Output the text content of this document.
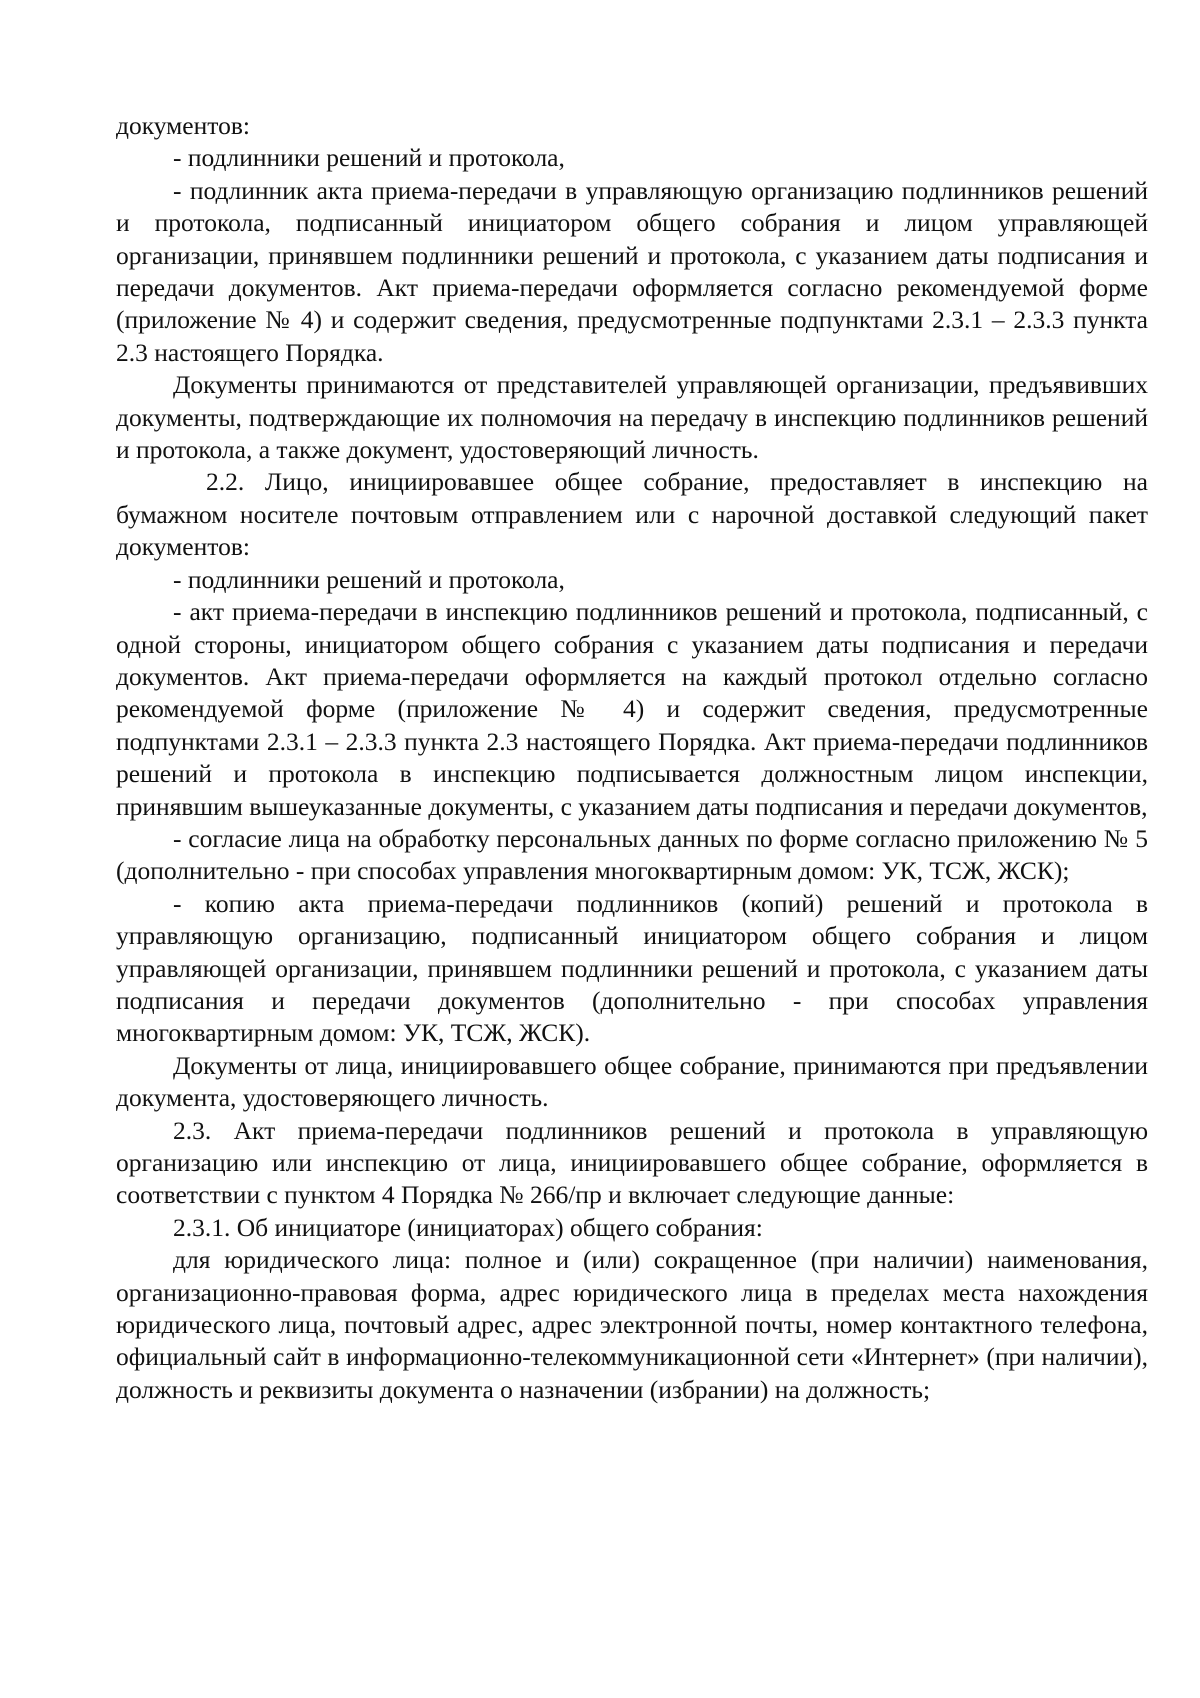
документов:

- подлинники решений и протокола,

- подлинник акта приема-передачи в управляющую организацию подлинников решений и протокола, подписанный инициатором общего собрания и лицом управляющей организации, принявшем подлинники решений и протокола, с указанием даты подписания и передачи документов. Акт приема-передачи оформляется согласно рекомендуемой форме (приложение № 4) и содержит сведения, предусмотренные подпунктами 2.3.1 – 2.3.3 пункта 2.3 настоящего Порядка.

Документы принимаются от представителей управляющей организации, предъявивших документы, подтверждающие их полномочия на передачу в инспекцию подлинников решений и протокола, а также документ, удостоверяющий личность.

2.2. Лицо, инициировавшее общее собрание, предоставляет в инспекцию на бумажном носителе почтовым отправлением или с нарочной доставкой следующий пакет документов:

- подлинники решений и протокола,

- акт приема-передачи в инспекцию подлинников решений и протокола, подписанный, с одной стороны, инициатором общего собрания с указанием даты подписания и передачи документов. Акт приема-передачи оформляется на каждый протокол отдельно согласно рекомендуемой форме (приложение № 4) и содержит сведения, предусмотренные подпунктами 2.3.1 – 2.3.3 пункта 2.3 настоящего Порядка. Акт приема-передачи подлинников решений и протокола в инспекцию подписывается должностным лицом инспекции, принявшим вышеуказанные документы, с указанием даты подписания и передачи документов,

- согласие лица на обработку персональных данных по форме согласно приложению № 5 (дополнительно - при способах управления многоквартирным домом: УК, ТСЖ, ЖСК);

- копию акта приема-передачи подлинников (копий) решений и протокола в управляющую организацию, подписанный инициатором общего собрания и лицом управляющей организации, принявшем подлинники решений и протокола, с указанием даты подписания и передачи документов (дополнительно - при способах управления многоквартирным домом: УК, ТСЖ, ЖСК).

Документы от лица, инициировавшего общее собрание, принимаются при предъявлении документа, удостоверяющего личность.

2.3. Акт приема-передачи подлинников решений и протокола в управляющую организацию или инспекцию от лица, инициировавшего общее собрание, оформляется в соответствии с пунктом 4 Порядка № 266/пр и включает следующие данные:

2.3.1. Об инициаторе (инициаторах) общего собрания:

для юридического лица: полное и (или) сокращенное (при наличии) наименования, организационно-правовая форма, адрес юридического лица в пределах места нахождения юридического лица, почтовый адрес, адрес электронной почты, номер контактного телефона, официальный сайт в информационно-телекоммуникационной сети «Интернет» (при наличии), должность и реквизиты документа о назначении (избрании) на должность;
